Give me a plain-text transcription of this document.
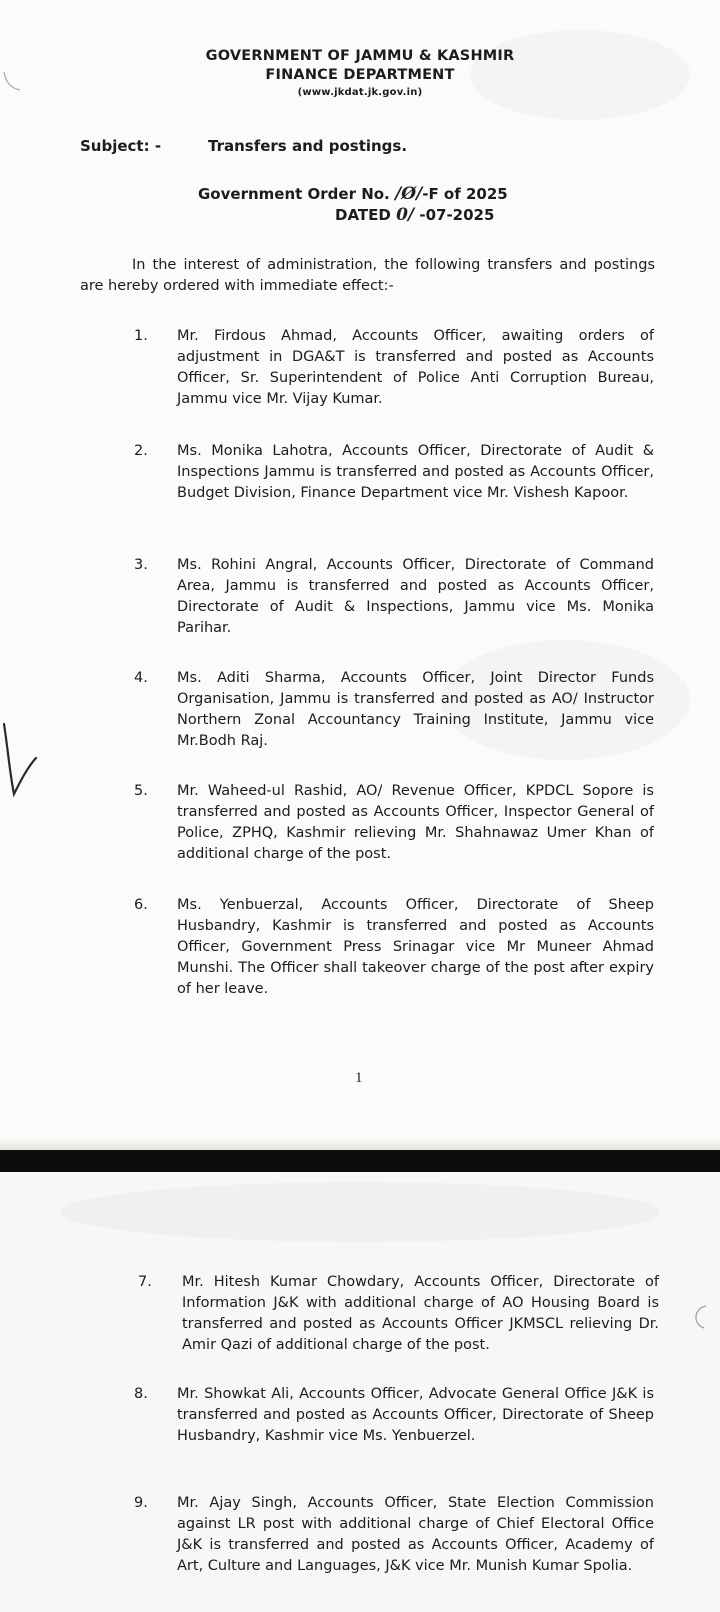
GOVERNMENT OF JAMMU & KASHMIR
FINANCE DEPARTMENT
(www.jkdat.jk.gov.in)
Subject: -	Transfers and postings.
Government Order No. /Ø/-F of 2025
DATED 0/ -07-2025
In the interest of administration, the following transfers and postings are hereby ordered with immediate effect:-
1. Mr. Firdous Ahmad, Accounts Officer, awaiting orders of adjustment in DGA&T is transferred and posted as Accounts Officer, Sr. Superintendent of Police Anti Corruption Bureau, Jammu vice Mr. Vijay Kumar.
2. Ms. Monika Lahotra, Accounts Officer, Directorate of Audit & Inspections Jammu is transferred and posted as Accounts Officer, Budget Division, Finance Department vice Mr. Vishesh Kapoor.
3. Ms. Rohini Angral, Accounts Officer, Directorate of Command Area, Jammu is transferred and posted as Accounts Officer, Directorate of Audit & Inspections, Jammu vice Ms. Monika Parihar.
4. Ms. Aditi Sharma, Accounts Officer, Joint Director Funds Organisation, Jammu is transferred and posted as AO/ Instructor Northern Zonal Accountancy Training Institute, Jammu vice Mr.Bodh Raj.
5. Mr. Waheed-ul Rashid, AO/ Revenue Officer, KPDCL Sopore is transferred and posted as Accounts Officer, Inspector General of Police, ZPHQ, Kashmir relieving Mr. Shahnawaz Umer Khan of additional charge of the post.
6. Ms. Yenbuerzal, Accounts Officer, Directorate of Sheep Husbandry, Kashmir is transferred and posted as Accounts Officer, Government Press Srinagar vice Mr Muneer Ahmad Munshi. The Officer shall takeover charge of the post after expiry of her leave.
1
7. Mr. Hitesh Kumar Chowdary, Accounts Officer, Directorate of Information J&K with additional charge of AO Housing Board is transferred and posted as Accounts Officer JKMSCL relieving Dr. Amir Qazi of additional charge of the post.
8. Mr. Showkat Ali, Accounts Officer, Advocate General Office J&K is transferred and posted as Accounts Officer, Directorate of Sheep Husbandry, Kashmir vice Ms. Yenbuerzel.
9. Mr. Ajay Singh, Accounts Officer, State Election Commission against LR post with additional charge of Chief Electoral Office J&K is transferred and posted as Accounts Officer, Academy of Art, Culture and Languages, J&K vice Mr. Munish Kumar Spolia.
